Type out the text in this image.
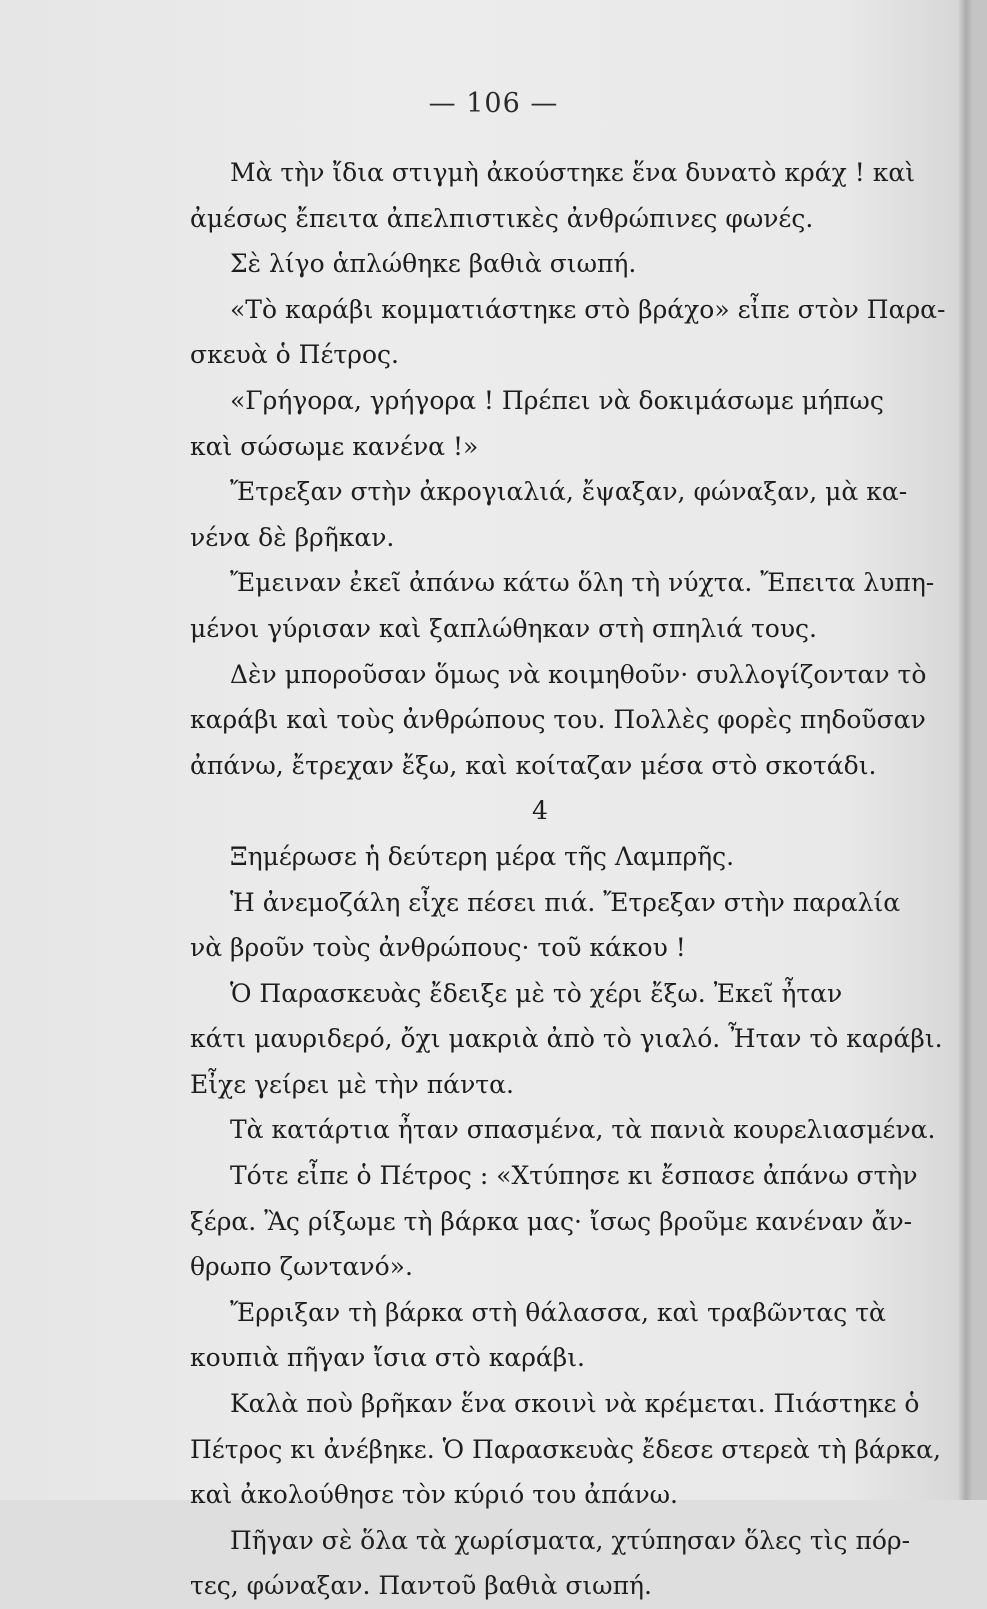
— 106 —
Μὰ τὴν ἴδια στιγμὴ ἀκούστηκε ἕνα δυνατὸ κράχ ! καὶ
ἀμέσως ἔπειτα ἀπελπιστικὲς ἀνθρώπινες φωνές.
Σὲ λίγο ἁπλώθηκε βαθιὰ σιωπή.
«Τὸ καράβι κομματιάστηκε στὸ βράχο» εἶπε στὸν Παρα-
σκευὰ ὁ Πέτρος.
«Γρήγορα, γρήγορα ! Πρέπει νὰ δοκιμάσωμε μήπως
καὶ σώσωμε κανένα !»
Ἔτρεξαν στὴν ἀκρογιαλιά, ἔψαξαν, φώναξαν, μὰ κα-
νένα δὲ βρῆκαν.
Ἔμειναν ἐκεῖ ἀπάνω κάτω ὅλη τὴ νύχτα. Ἔπειτα λυπη-
μένοι γύρισαν καὶ ξαπλώθηκαν στὴ σπηλιά τους.
Δὲν μποροῦσαν ὅμως νὰ κοιμηθοῦν· συλλογίζονταν τὸ
καράβι καὶ τοὺς ἀνθρώπους του. Πολλὲς φορὲς πηδοῦσαν
ἀπάνω, ἔτρεχαν ἔξω, καὶ κοίταζαν μέσα στὸ σκοτάδι.
4
Ξημέρωσε ἡ δεύτερη μέρα τῆς Λαμπρῆς.
Ἡ ἀνεμοζάλη εἶχε πέσει πιά. Ἔτρεξαν στὴν παραλία
νὰ βροῦν τοὺς ἀνθρώπους· τοῦ κάκου !
Ὁ Παρασκευὰς ἔδειξε μὲ τὸ χέρι ἔξω. Ἐκεῖ ἦταν
κάτι μαυριδερό, ὄχι μακριὰ ἀπὸ τὸ γιαλό. Ἦταν τὸ καράβι.
Εἶχε γείρει μὲ τὴν πάντα.
Τὰ κατάρτια ἦταν σπασμένα, τὰ πανιὰ κουρελιασμένα.
Τότε εἶπε ὁ Πέτρος : «Χτύπησε κι ἔσπασε ἀπάνω στὴν
ξέρα. Ἂς ρίξωμε τὴ βάρκα μας· ἴσως βροῦμε κανέναν ἄν-
θρωπο ζωντανό».
Ἔρριξαν τὴ βάρκα στὴ θάλασσα, καὶ τραβῶντας τὰ
κουπιὰ πῆγαν ἴσια στὸ καράβι.
Καλὰ ποὺ βρῆκαν ἕνα σκοινὶ νὰ κρέμεται. Πιάστηκε ὁ
Πέτρος κι ἀνέβηκε. Ὁ Παρασκευὰς ἔδεσε στερεὰ τὴ βάρκα,
καὶ ἀκολούθησε τὸν κύριό του ἀπάνω.
Πῆγαν σὲ ὅλα τὰ χωρίσματα, χτύπησαν ὅλες τὶς πόρ-
τες, φώναξαν. Παντοῦ βαθιὰ σιωπή.
